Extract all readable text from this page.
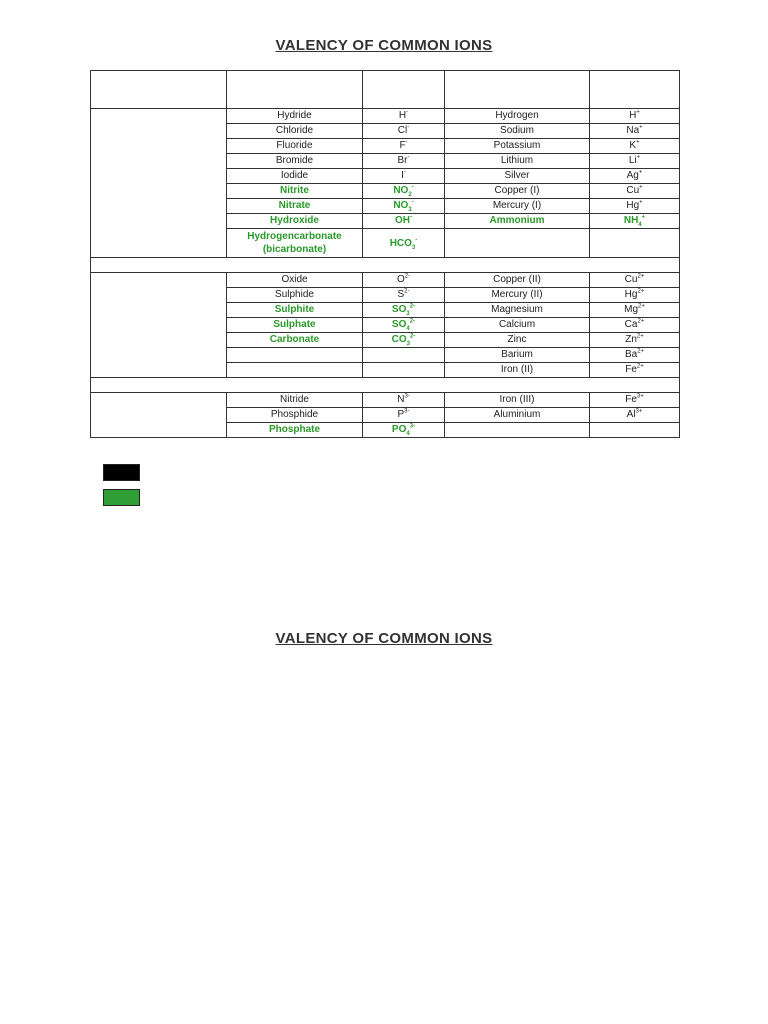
VALENCY OF COMMON IONS

	Hydride	H-	Hydrogen	H+
	Chloride	Cl-	Sodium	Na+
	Fluoride	F-	Potassium	K+
	Bromide	Br-	Lithium	Li+
	Iodide	I-	Silver	Ag+
	Nitrite	$NO_2^-$	Copper (I)	Cu+
	Nitrate	$NO_3^-$	Mercury (I)	Hg+
	Hydroxide	OH-	Ammonium	$NH_4^+$
	Hydrogencarbonate
(bicarbonate)	$HCO_3^-$		

	Oxide	$O^{2-}$	Copper (II)	$Cu^{2+}$
	Sulphide	$S^{2-}$	Mercury (II)	$Hg^{2+}$
	Sulphite	$SO_3^{2-}$	Magnesium	$Mg^{2+}$
	Sulphate	$SO_4^{2-}$	Calcium	$Ca^{2+}$
	Carbonate	$CO_3^{2-}$	Zinc	$Zn^{2+}$
			Barium	$Ba^{2+}$
			Iron (II)	$Fe^{2+}$

	Nitride	$N^{3-}$	Iron (III)	$Fe^{3+}$
	Phosphide	$P^{3-}$	Aluminium	$Al^{3+}$
	Phosphate	$PO_4^{3-}$		
VALENCY OF COMMON IONS
